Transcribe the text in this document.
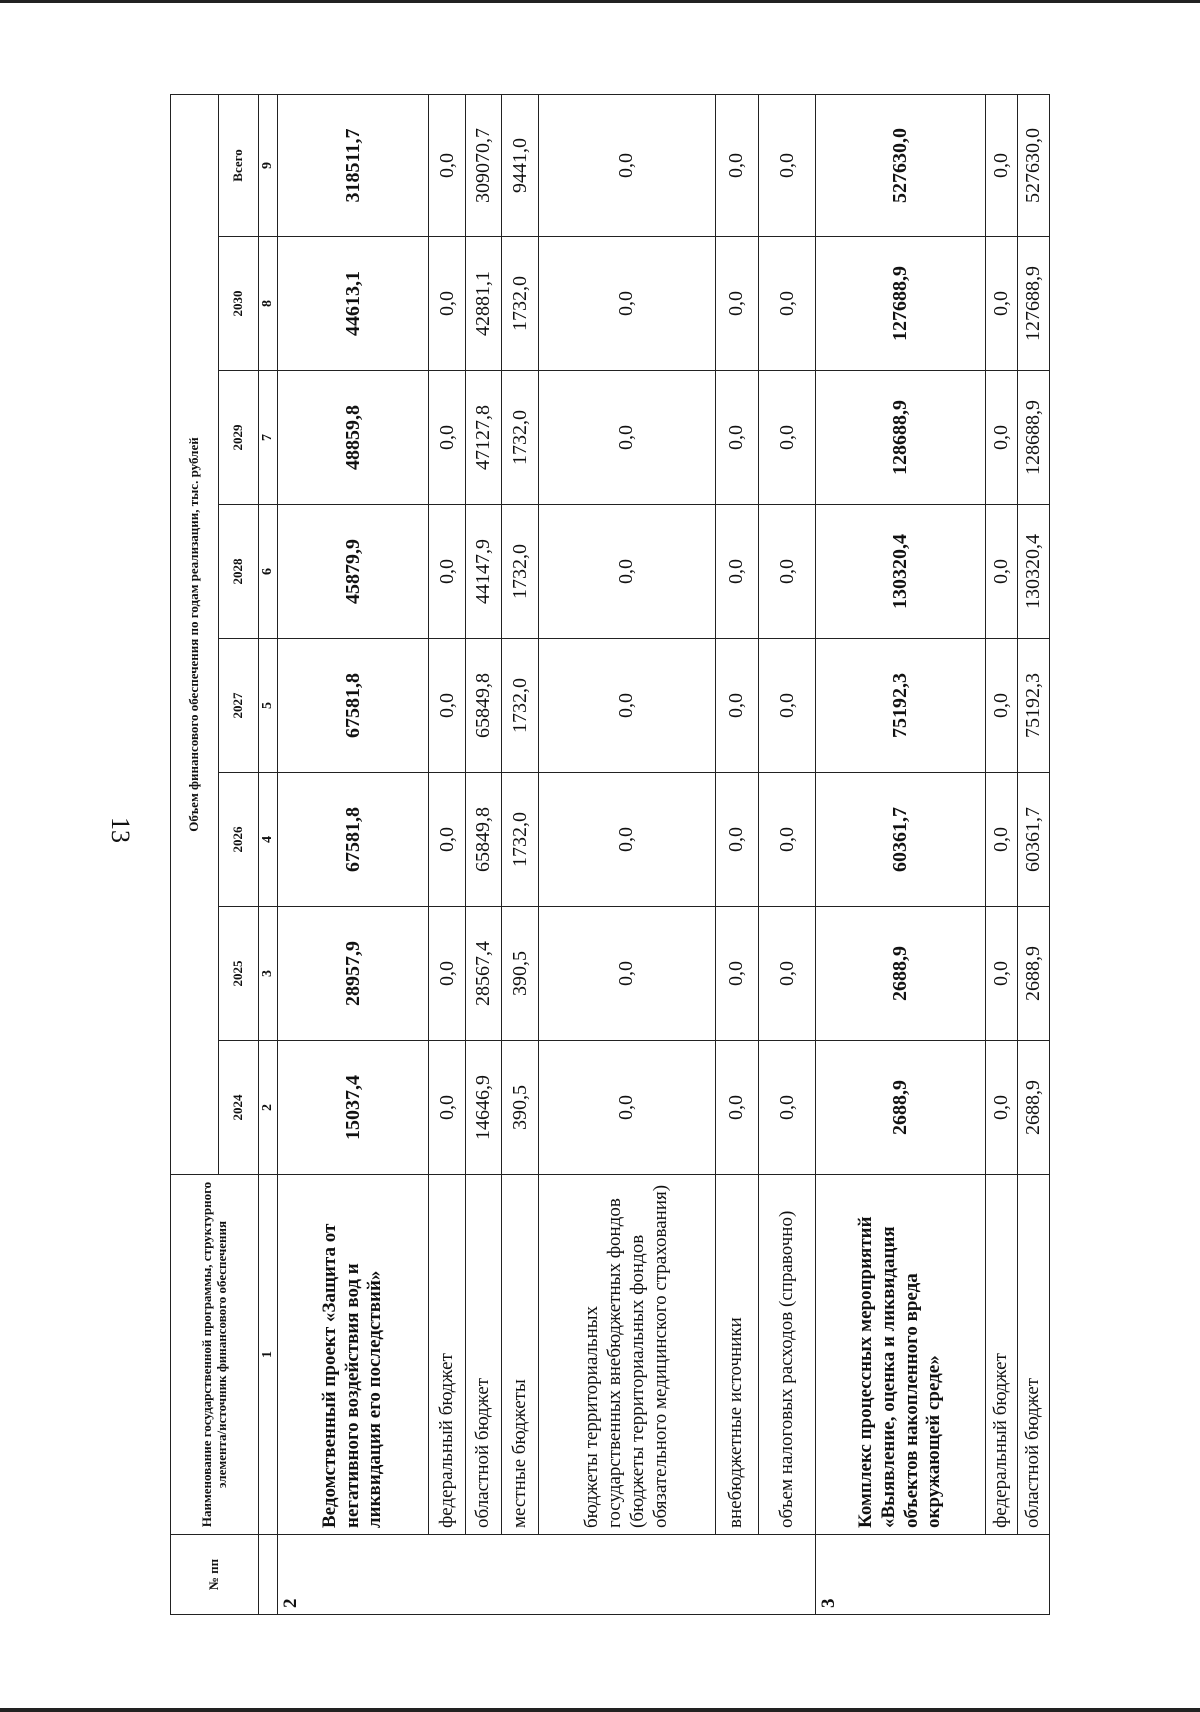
13
№ пп	Наименование государственной программы, структурного элемента/источник финансового обеспечения	Объем финансового обеспечения по годам реализации, тыс. рублей							
		2024	2025	2026	2027	2028	2029	2030	Всего
	1	2	3	4	5	6	7	8	9
2	Ведомственный проект «Защита от негативного воздействия вод и ликвидация его последствий»	15037,4	28957,9	67581,8	67581,8	45879,9	48859,8	44613,1	318511,7
	федеральный бюджет	0,0	0,0	0,0	0,0	0,0	0,0	0,0	0,0
	областной бюджет	14646,9	28567,4	65849,8	65849,8	44147,9	47127,8	42881,1	309070,7
	местные бюджеты	390,5	390,5	1732,0	1732,0	1732,0	1732,0	1732,0	9441,0
	бюджеты территориальных государственных внебюджетных фондов (бюджеты территориальных фондов обязательного медицинского страхования)	0,0	0,0	0,0	0,0	0,0	0,0	0,0	0,0
	внебюджетные источники	0,0	0,0	0,0	0,0	0,0	0,0	0,0	0,0
	объем налоговых расходов (справочно)	0,0	0,0	0,0	0,0	0,0	0,0	0,0	0,0
3	Комплекс процессных мероприятий «Выявление, оценка и ликвидация объектов накопленного вреда окружающей среде»	2688,9	2688,9	60361,7	75192,3	130320,4	128688,9	127688,9	527630,0
	федеральный бюджет	0,0	0,0	0,0	0,0	0,0	0,0	0,0	0,0
	областной бюджет	2688,9	2688,9	60361,7	75192,3	130320,4	128688,9	127688,9	527630,0
